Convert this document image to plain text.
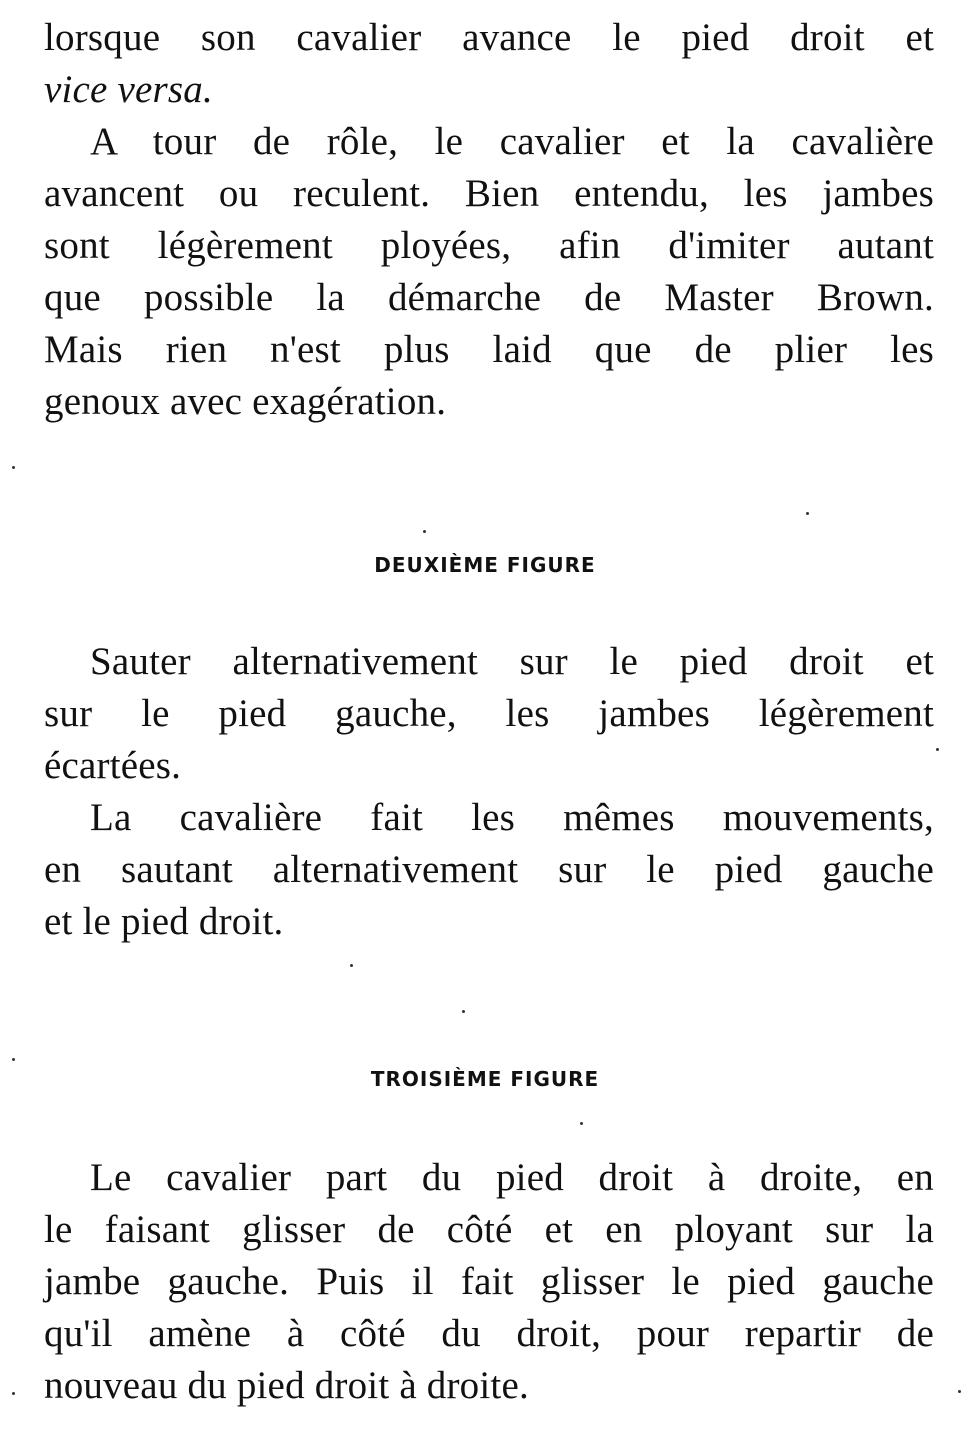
lorsque son cavalier avance le pied droit et
vice versa.
A tour de rôle, le cavalier et la cavalière
avancent ou reculent. Bien entendu, les jambes
sont légèrement ployées, afin d'imiter autant
que possible la démarche de Master Brown.
Mais rien n'est plus laid que de plier les
genoux avec exagération.
DEUXIÈME FIGURE
Sauter alternativement sur le pied droit et
sur le pied gauche, les jambes légèrement
écartées.
La cavalière fait les mêmes mouvements,
en sautant alternativement sur le pied gauche
et le pied droit.
TROISIÈME FIGURE
Le cavalier part du pied droit à droite, en
le faisant glisser de côté et en ployant sur la
jambe gauche. Puis il fait glisser le pied gauche
qu'il amène à côté du droit, pour repartir de
nouveau du pied droit à droite.
